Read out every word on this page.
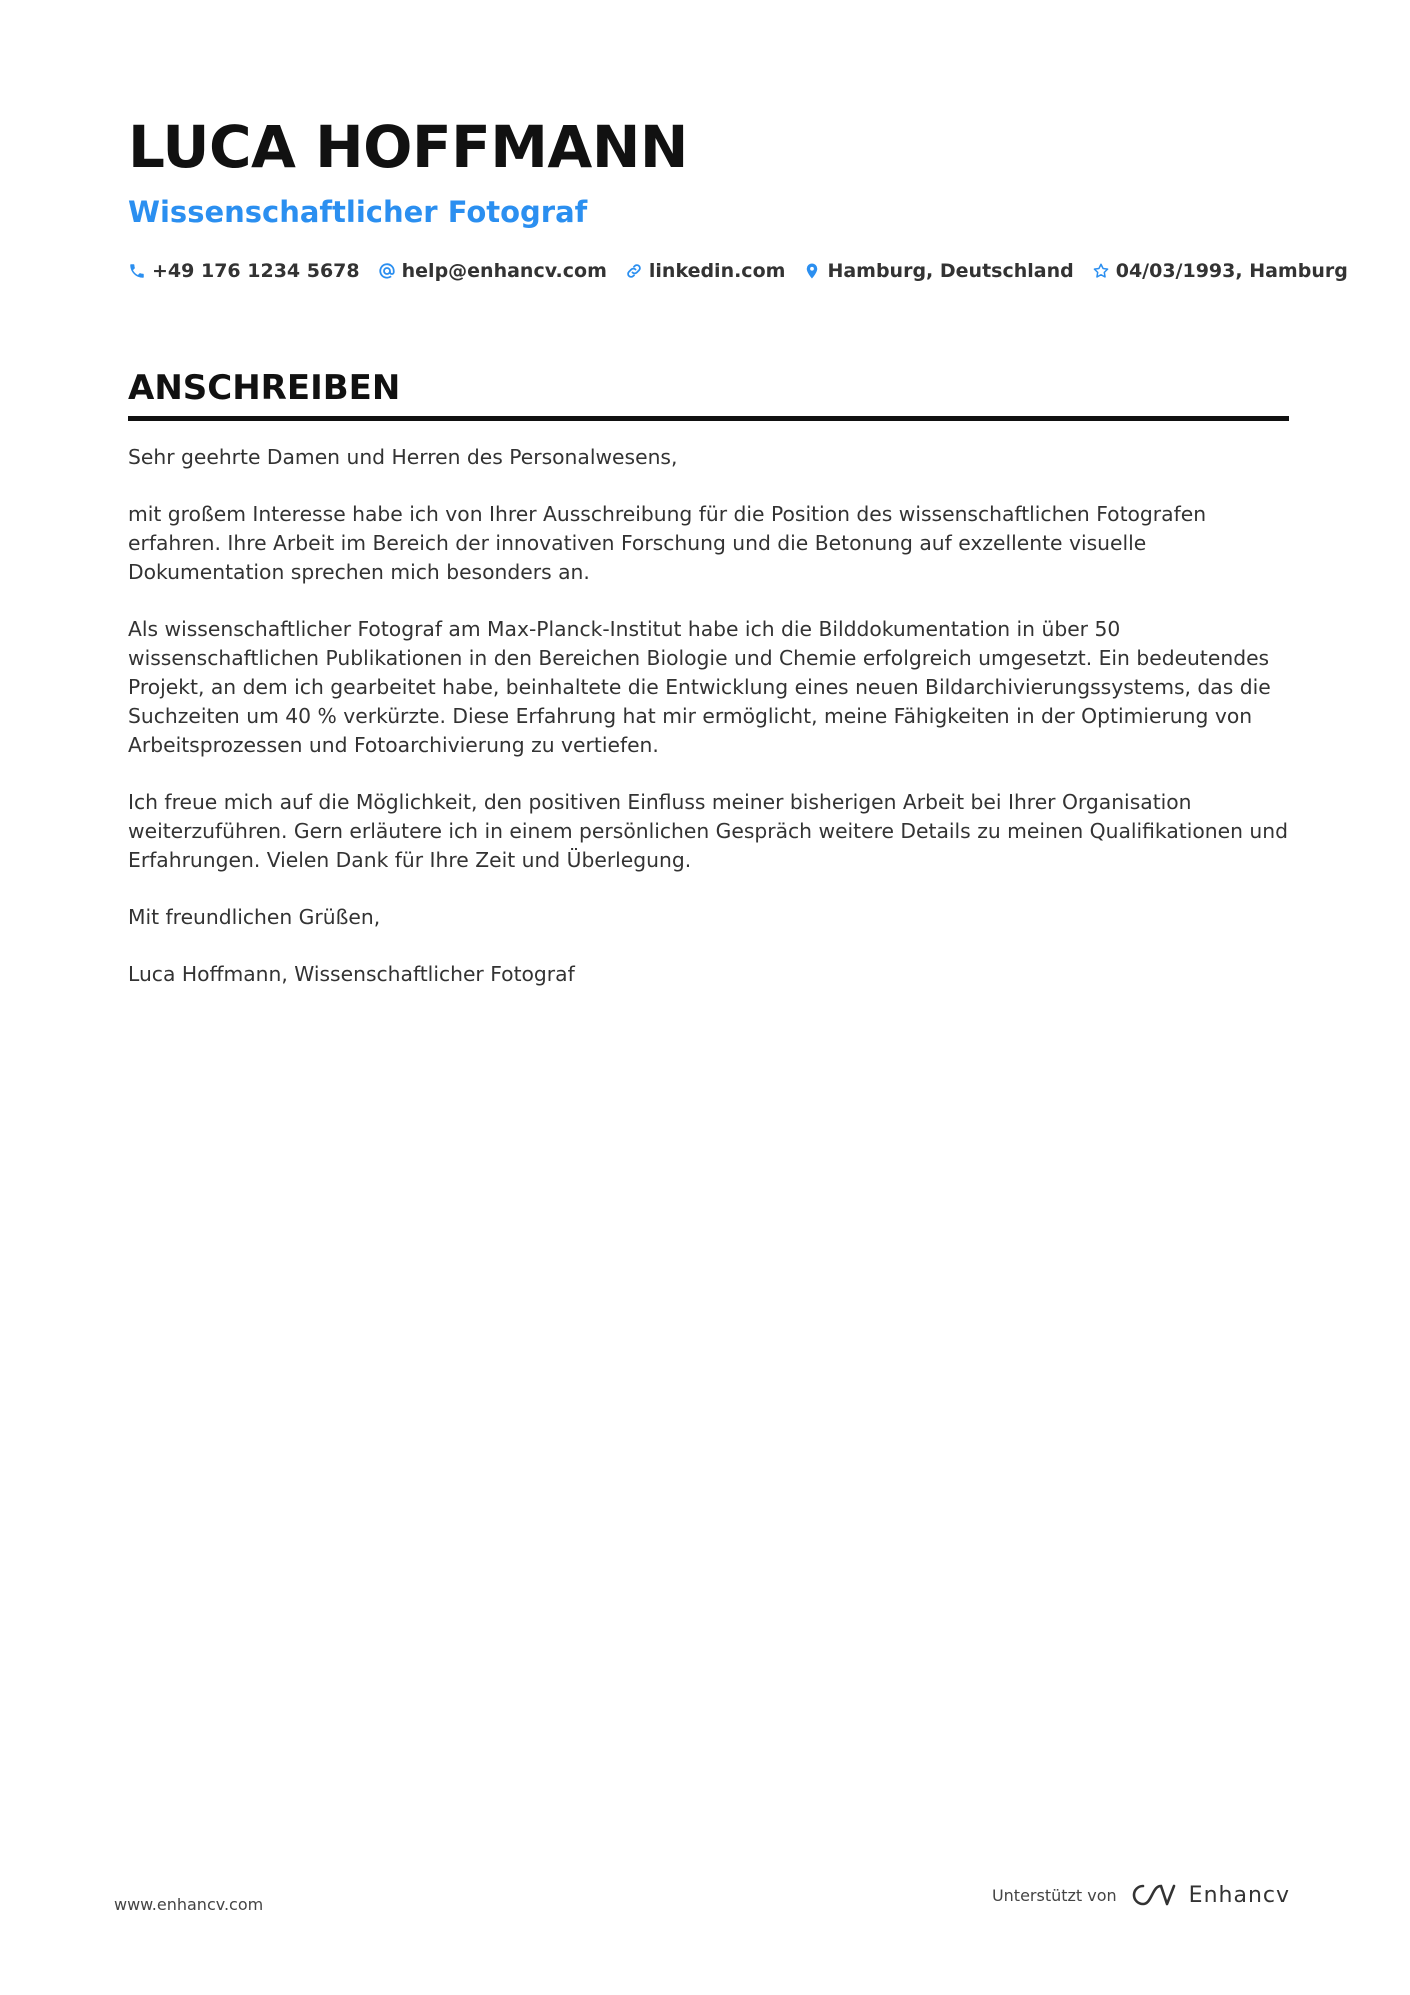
LUCA HOFFMANN
Wissenschaftlicher Fotograf
+49 176 1234 5678 help@enhancv.com linkedin.com Hamburg, Deutschland 04/03/1993, Hamburg
ANSCHREIBEN

Sehr geehrte Damen und Herren des Personalwesens,

mit großem Interesse habe ich von Ihrer Ausschreibung für die Position des wissenschaftlichen Fotografen erfahren. Ihre Arbeit im Bereich der innovativen Forschung und die Betonung auf exzellente visuelle Dokumentation sprechen mich besonders an.

Als wissenschaftlicher Fotograf am Max-Planck-Institut habe ich die Bilddokumentation in über 50 wissenschaftlichen Publikationen in den Bereichen Biologie und Chemie erfolgreich umgesetzt. Ein bedeutendes Projekt, an dem ich gearbeitet habe, beinhaltete die Entwicklung eines neuen Bildarchivierungssystems, das die Suchzeiten um 40 % verkürzte. Diese Erfahrung hat mir ermöglicht, meine Fähigkeiten in der Optimierung von Arbeitsprozessen und Fotoarchivierung zu vertiefen.

Ich freue mich auf die Möglichkeit, den positiven Einfluss meiner bisherigen Arbeit bei Ihrer Organisation weiterzuführen. Gern erläutere ich in einem persönlichen Gespräch weitere Details zu meinen Qualifikationen und Erfahrungen. Vielen Dank für Ihre Zeit und Überlegung.

Mit freundlichen Grüßen,

Luca Hoffmann, Wissenschaftlicher Fotograf

www.enhancv.com	Unterstützt von	Enhancv
